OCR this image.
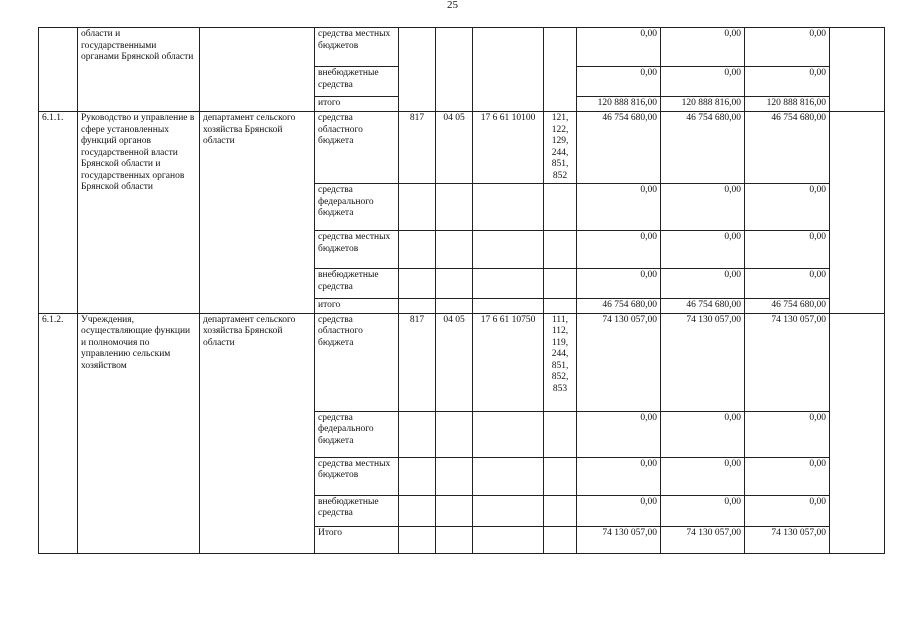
25
	области и государственными органами Брянской области		средства местных бюджетов					0,00	0,00	0,00	
			внебюджетные средства					0,00	0,00	0,00	
			итого					120 888 816,00	120 888 816,00	120 888 816,00	
6.1.1.	Руководство и управление в сфере установленных функций органов государственной власти Брянской области и государственных органов Брянской области	департамент сельского хозяйства Брянской области	средства областного бюджета	817	04 05	17 6 61 10100	121, 122, 129, 244, 851, 852	46 754 680,00	46 754 680,00	46 754 680,00	
			средства федерального бюджета					0,00	0,00	0,00	
			средства местных бюджетов					0,00	0,00	0,00	
			внебюджетные средства					0,00	0,00	0,00	
			итого					46 754 680,00	46 754 680,00	46 754 680,00	
6.1.2.	Учреждения, осуществляющие функции и полномочия по управлению сельским хозяйством	департамент сельского хозяйства Брянской области	средства областного бюджета	817	04 05	17 6 61 10750	111, 112, 119, 244, 851, 852, 853	74 130 057,00	74 130 057,00	74 130 057,00	
			средства федерального бюджета					0,00	0,00	0,00	
			средства местных бюджетов					0,00	0,00	0,00	
			внебюджетные средства					0,00	0,00	0,00	
			Итого					74 130 057,00	74 130 057,00	74 130 057,00	
